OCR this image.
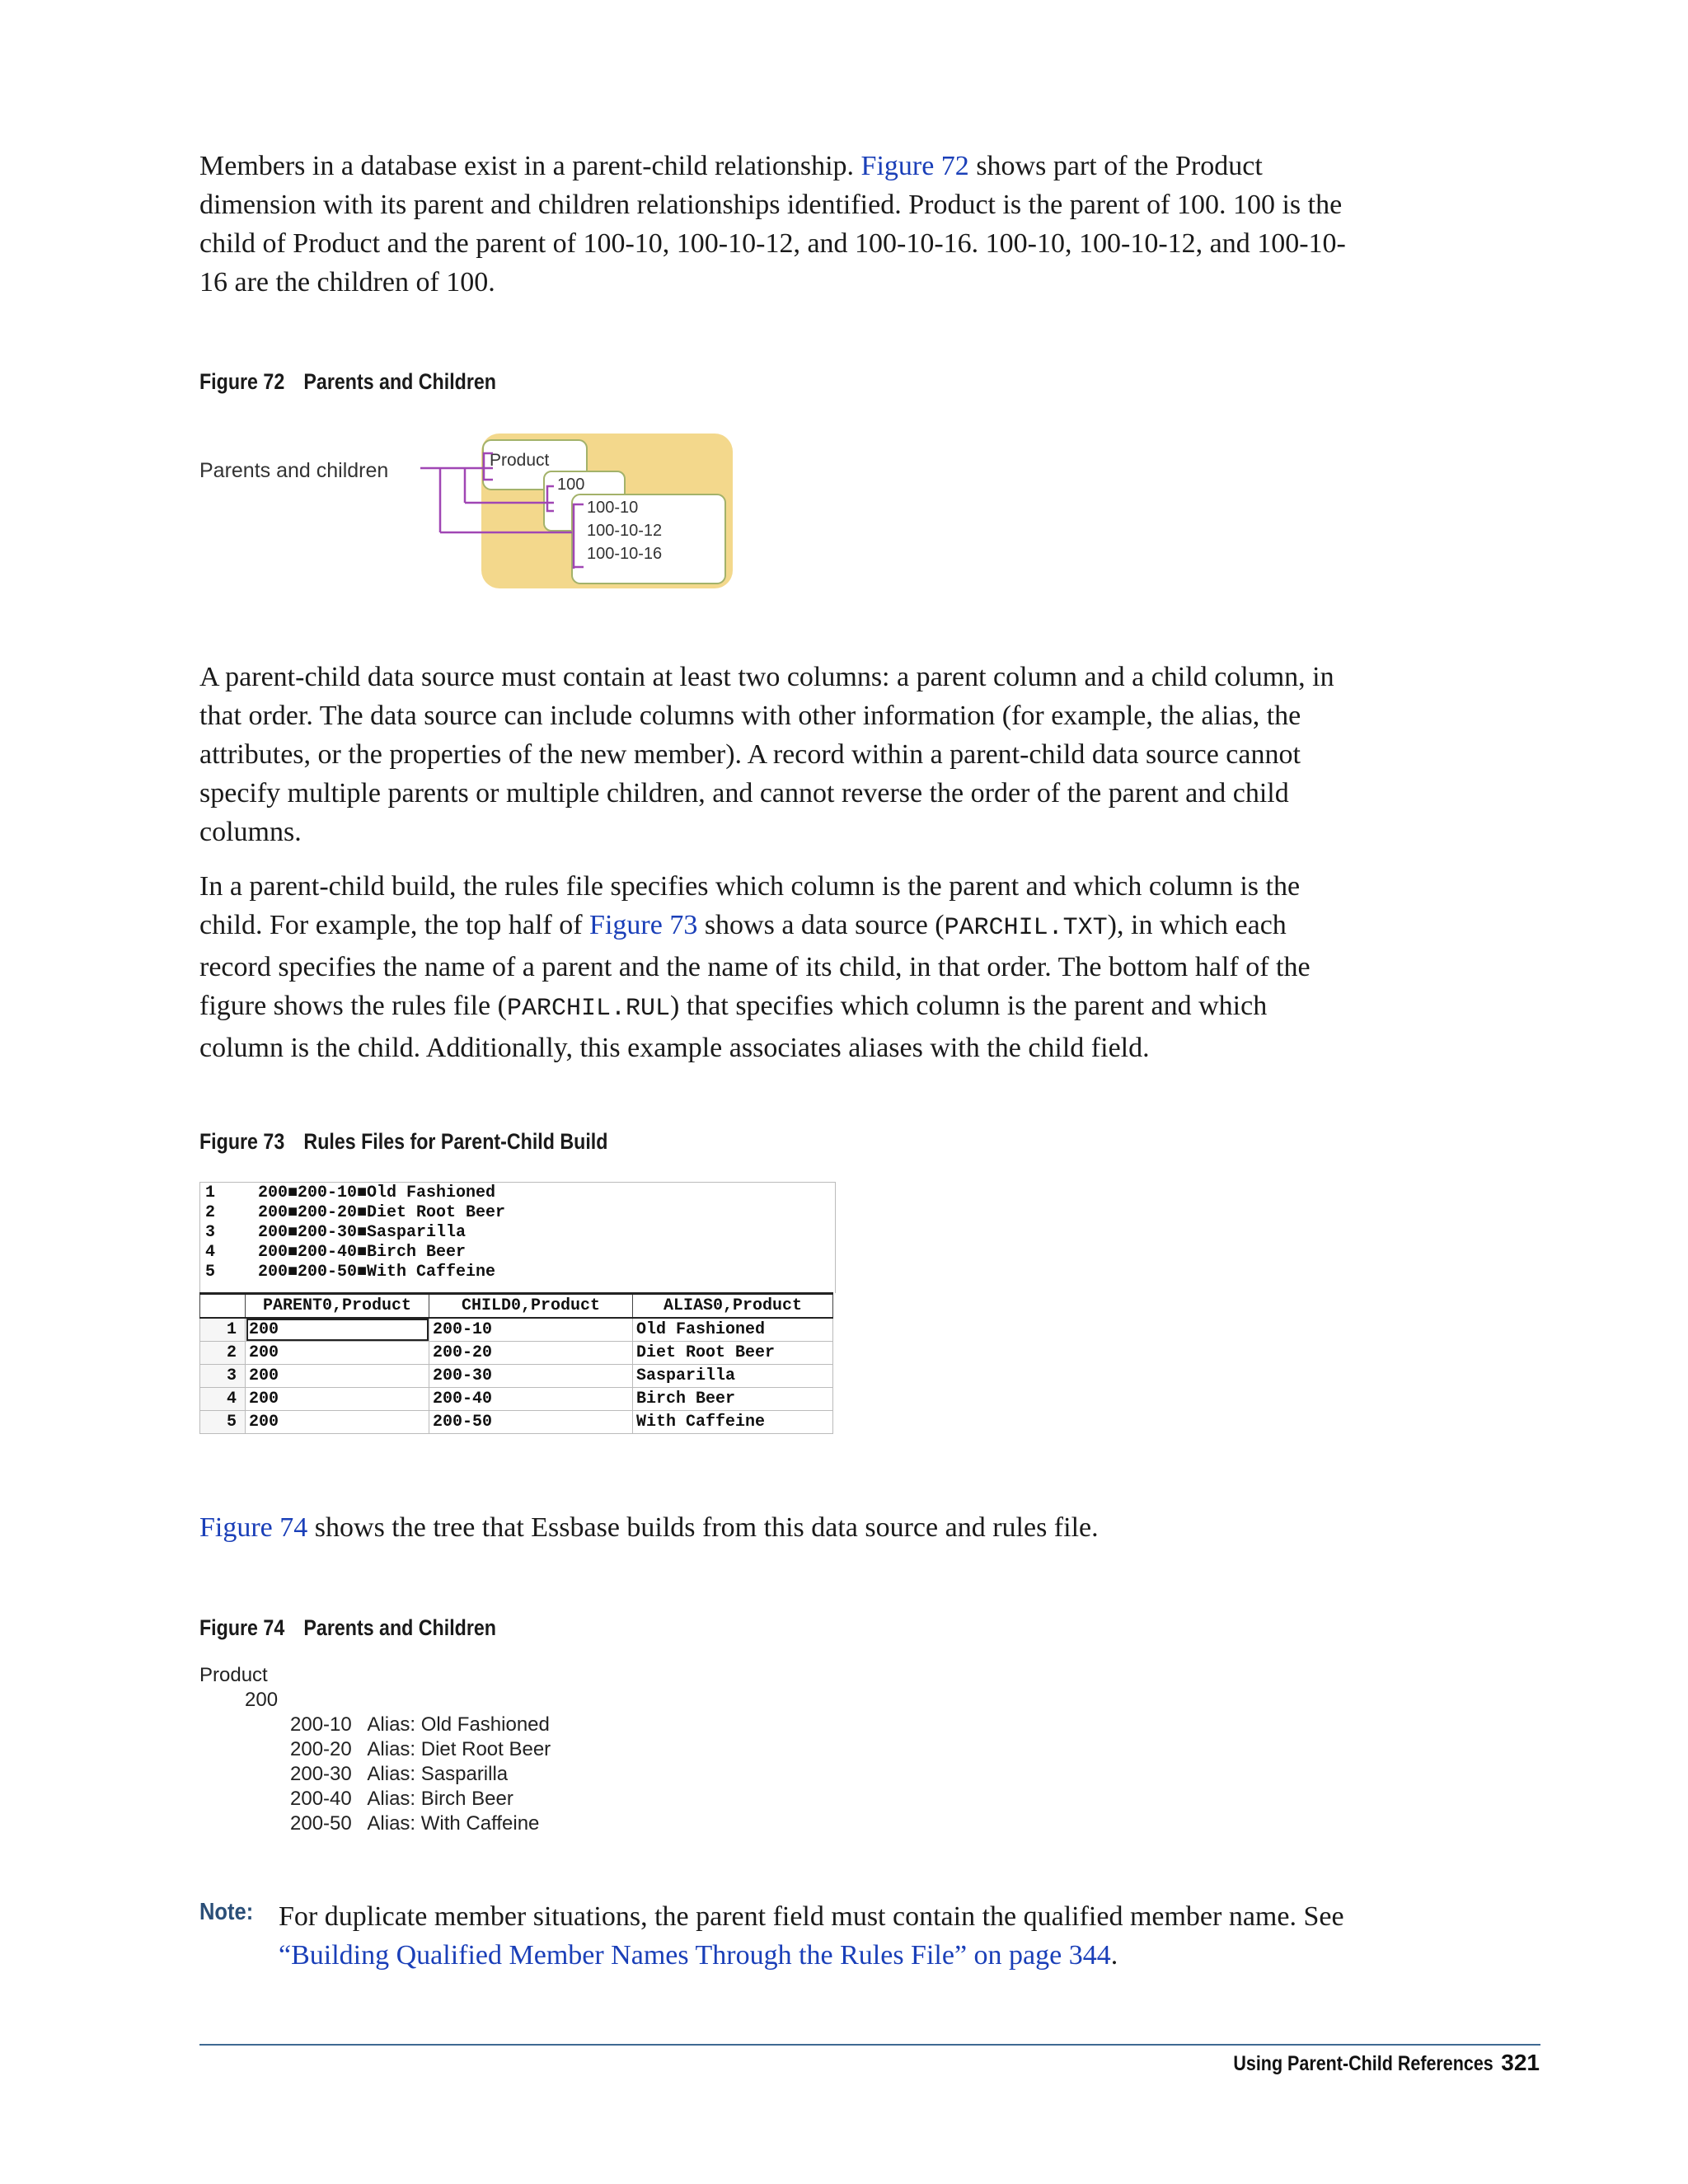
Members in a database exist in a parent-child relationship. Figure 72 shows part of the Product dimension with its parent and children relationships identified. Product is the parent of 100. 100 is the child of Product and the parent of 100-10, 100-10-12, and 100-10-16. 100-10, 100-10-12, and 100-10-16 are the children of 100.

Figure 72 Parents and Children

Parents and children	Product
100
100-10
100-10-12
100-10-16

A parent-child data source must contain at least two columns: a parent column and a child column, in that order. The data source can include columns with other information (for example, the alias, the attributes, or the properties of the new member). A record within a parent-child data source cannot specify multiple parents or multiple children, and cannot reverse the order of the parent and child columns.

In a parent-child build, the rules file specifies which column is the parent and which column is the child. For example, the top half of Figure 73 shows a data source (PARCHIL.TXT), in which each record specifies the name of a parent and the name of its child, in that order. The bottom half of the figure shows the rules file (PARCHIL.RUL) that specifies which column is the parent and which column is the child. Additionally, this example associates aliases with the child field.

Figure 73 Rules Files for Parent-Child Build

1	200■200-10■Old Fashioned
2	200■200-20■Diet Root Beer
3	200■200-30■Sasparilla
4	200■200-40■Birch Beer
5	200■200-50■With Caffeine
	PARENT0,Product	CHILD0,Product	ALIAS0,Product
1	200	200-10	Old Fashioned
2	200	200-20	Diet Root Beer
3	200	200-30	Sasparilla
4	200	200-40	Birch Beer
5	200	200-50	With Caffeine

Figure 74 shows the tree that Essbase builds from this data source and rules file.

Figure 74 Parents and Children

Product
200
200-10   Alias: Old Fashioned
200-20   Alias: Diet Root Beer
200-30   Alias: Sasparilla
200-40   Alias: Birch Beer
200-50   Alias: With Caffeine

Note: For duplicate member situations, the parent field must contain the qualified member name. See “Building Qualified Member Names Through the Rules File” on page 344.

Using Parent-Child References 321
